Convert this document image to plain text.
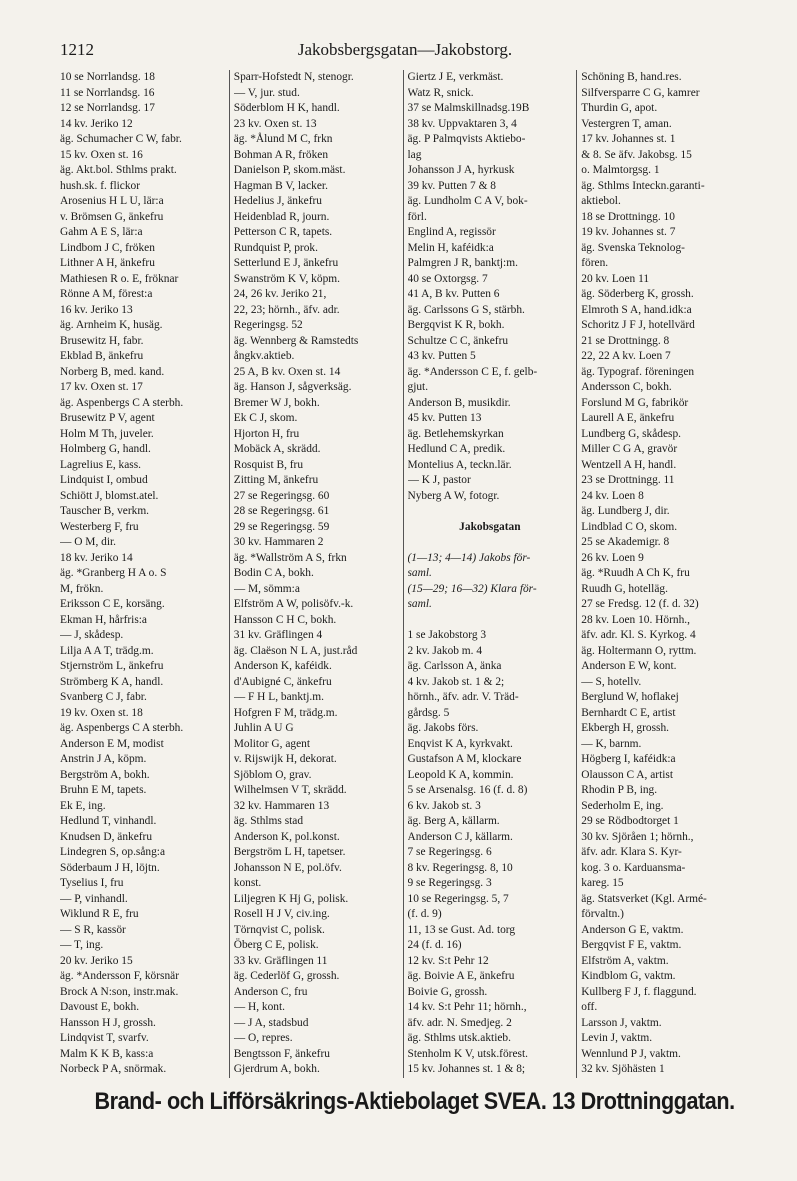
1212	Jakobsbergsgatan—Jakobstorg.
10 se Norrlandsg. 18
11 se Norrlandsg. 16
12 se Norrlandsg. 17
14 kv. Jeriko 12
äg. Schumacher C W, fabr.
15 kv. Oxen st. 16
äg. Akt.bol. Sthlms prakt.
hush.sk. f. flickor
Arosenius H L U, lär:a
v. Brömsen G, änkefru
Gahm A E S, lär:a
Lindbom J C, fröken
Lithner A H, änkefru
Mathiesen R o. E, fröknar
Rönne A M, förest:a
16 kv. Jeriko 13
äg. Arnheim K, husäg.
Brusewitz H, fabr.
Ekblad B, änkefru
Norberg B, med. kand.
17 kv. Oxen st. 17
äg. Aspenbergs C A sterbh.
Brusewitz P V, agent
Holm M Th, juveler.
Holmberg G, handl.
Lagrelius E, kass.
Lindquist I, ombud
Schiött J, blomst.atel.
Tauscher B, verkm.
Westerberg F, fru
— O M, dir.
18 kv. Jeriko 14
äg. *Granberg H A o. S
M, frökn.
Eriksson C E, korsäng.
Ekman H, hårfris:a
— J, skådesp.
Lilja A A T, trädg.m.
Stjernström L, änkefru
Strömberg K A, handl.
Svanberg C J, fabr.
19 kv. Oxen st. 18
äg. Aspenbergs C A sterbh.
Anderson E M, modist
Anstrin J A, köpm.
Bergström A, bokh.
Bruhn E M, tapets.
Ek E, ing.
Hedlund T, vinhandl.
Knudsen D, änkefru
Lindegren S, op.sång:a
Söderbaum J H, löjtn.
Tyselius I, fru
— P, vinhandl.
Wiklund R E, fru
— S R, kassör
— T, ing.
20 kv. Jeriko 15
äg. *Andersson F, körsnär
Brock A N:son, instr.mak.
Davoust E, bokh.
Hansson H J, grossh.
Lindqvist T, svarfv.
Malm K K B, kass:a
Norbeck P A, snörmak.
Sparr-Hofstedt N, stenogr.
— V, jur. stud.
Söderblom H K, handl.
23 kv. Oxen st. 13
äg. *Ålund M C, frkn
Bohman A R, fröken
Danielson P, skom.mäst.
Hagman B V, lacker.
Hedelius J, änkefru
Heidenblad R, journ.
Petterson C R, tapets.
Rundquist P, prok.
Setterlund E J, änkefru
Swanström K V, köpm.
24, 26 kv. Jeriko 21,
22, 23; hörnh., äfv. adr.
Regeringsg. 52
äg. Wennberg & Ramstedts
ångkv.aktieb.
25 A, B kv. Oxen st. 14
äg. Hanson J, sågverksäg.
Bremer W J, bokh.
Ek C J, skom.
Hjorton H, fru
Mobäck A, skrädd.
Rosquist B, fru
Zitting M, änkefru
27 se Regeringsg. 60
28 se Regeringsg. 61
29 se Regeringsg. 59
30 kv. Hammaren 2
äg. *Wallström A S, frkn
Bodin C A, bokh.
— M, sömm:a
Elfström A W, polisöfv.-k.
Hansson C H C, bokh.
31 kv. Gräflingen 4
äg. Claëson N L A, just.råd
Anderson K, kaféidk.
d'Aubigné C, änkefru
— F H L, banktj.m.
Hofgren F M, trädg.m.
Juhlin A U G
Molitor G, agent
v. Rijswijk H, dekorat.
Sjöblom O, grav.
Wilhelmsen V T, skrädd.
32 kv. Hammaren 13
äg. Sthlms stad
Anderson K, pol.konst.
Bergström L H, tapetser.
Johansson N E, pol.öfv.
konst.
Liljegren K Hj G, polisk.
Rosell H J V, civ.ing.
Törnqvist C, polisk.
Öberg C E, polisk.
33 kv. Gräflingen 11
äg. Cederlöf G, grossh.
Anderson C, fru
— H, kont.
— J A, stadsbud
— O, repres.
Bengtsson F, änkefru
Gjerdrum A, bokh.
Giertz J E, verkmäst.
Watz R, snick.
37 se Malmskillnadsg.19B
38 kv. Uppvaktaren 3, 4
äg. P Palmqvists Aktiebo-
lag
Johansson J A, hyrkusk
39 kv. Putten 7 & 8
äg. Lundholm C A V, bok-
förl.
Englind A, regissör
Melin H, kaféidk:a
Palmgren J R, banktj:m.
40 se Oxtorgsg. 7
41 A, B kv. Putten 6
äg. Carlssons G S, stärbh.
Bergqvist K R, bokh.
Schultze C C, änkefru
43 kv. Putten 5
äg. *Andersson C E, f. gelb-
gjut.
Anderson B, musikdir.
45 kv. Putten 13
äg. Betlehemskyrkan
Hedlund C A, predik.
Montelius A, teckn.lär.
— K J, pastor
Nyberg A W, fotogr.
Jakobsgatan
(1—13; 4—14) Jakobs för-
saml.
(15—29; 16—32) Klara för-
saml.
1 se Jakobstorg 3
2 kv. Jakob m. 4
äg. Carlsson A, änka
4 kv. Jakob st. 1 & 2;
hörnh., äfv. adr. V. Träd-
gårdsg. 5
äg. Jakobs förs.
Enqvist K A, kyrkvakt.
Gustafson A M, klockare
Leopold K A, kommin.
5 se Arsenalsg. 16 (f. d. 8)
6 kv. Jakob st. 3
äg. Berg A, källarm.
Anderson C J, källarm.
7 se Regeringsg. 6
8 kv. Regeringsg. 8, 10
9 se Regeringsg. 3
10 se Regeringsg. 5, 7
(f. d. 9)
11, 13 se Gust. Ad. torg
24 (f. d. 16)
12 kv. S:t Pehr 12
äg. Boivie A E, änkefru
Boivie G, grossh.
14 kv. S:t Pehr 11; hörnh.,
äfv. adr. N. Smedjeg. 2
äg. Sthlms utsk.aktieb.
Stenholm K V, utsk.förest.
15 kv. Johannes st. 1 & 8;
Schöning B, hand.res.
Silfversparre C G, kamrer
Thurdin G, apot.
Vestergren T, aman.
17 kv. Johannes st. 1
& 8. Se äfv. Jakobsg. 15
o. Malmtorgsg. 1
äg. Sthlms Inteckn.garanti-
aktiebol.
18 se Drottningg. 10
19 kv. Johannes st. 7
äg. Svenska Teknolog-
fören.
20 kv. Loen 11
äg. Söderberg K, grossh.
Elmroth S A, hand.idk:a
Schoritz J F J, hotellvärd
21 se Drottningg. 8
22, 22 A kv. Loen 7
äg. Typograf. föreningen
Andersson C, bokh.
Forslund M G, fabrikör
Laurell A E, änkefru
Lundberg G, skådesp.
Miller C G A, gravör
Wentzell A H, handl.
23 se Drottningg. 11
24 kv. Loen 8
äg. Lundberg J, dir.
Lindblad C O, skom.
25 se Akademigr. 8
26 kv. Loen 9
äg. *Ruudh A Ch K, fru
Ruudh G, hotelläg.
27 se Fredsg. 12 (f. d. 32)
28 kv. Loen 10. Hörnh.,
äfv. adr. Kl. S. Kyrkog. 4
äg. Holtermann O, ryttm.
Anderson E W, kont.
— S, hotellv.
Berglund W, hoflakej
Bernhardt C E, artist
Ekbergh H, grossh.
— K, barnm.
Högberg I, kaféidk:a
Olausson C A, artist
Rhodin P B, ing.
Sederholm E, ing.
29 se Rödbodtorget 1
30 kv. Sjöråen 1; hörnh.,
äfv. adr. Klara S. Kyr-
kog. 3 o. Karduansma-
kareg. 15
äg. Statsverket (Kgl. Armé-
förvaltn.)
Anderson G E, vaktm.
Bergqvist F E, vaktm.
Elfström A, vaktm.
Kindblom G, vaktm.
Kullberg F J, f. flaggund.
off.
Larsson J, vaktm.
Levin J, vaktm.
Wennlund P J, vaktm.
32 kv. Sjöhästen 1
Brand- och Lifförsäkrings-Aktiebolaget SVEA. 13 Drottninggatan.
